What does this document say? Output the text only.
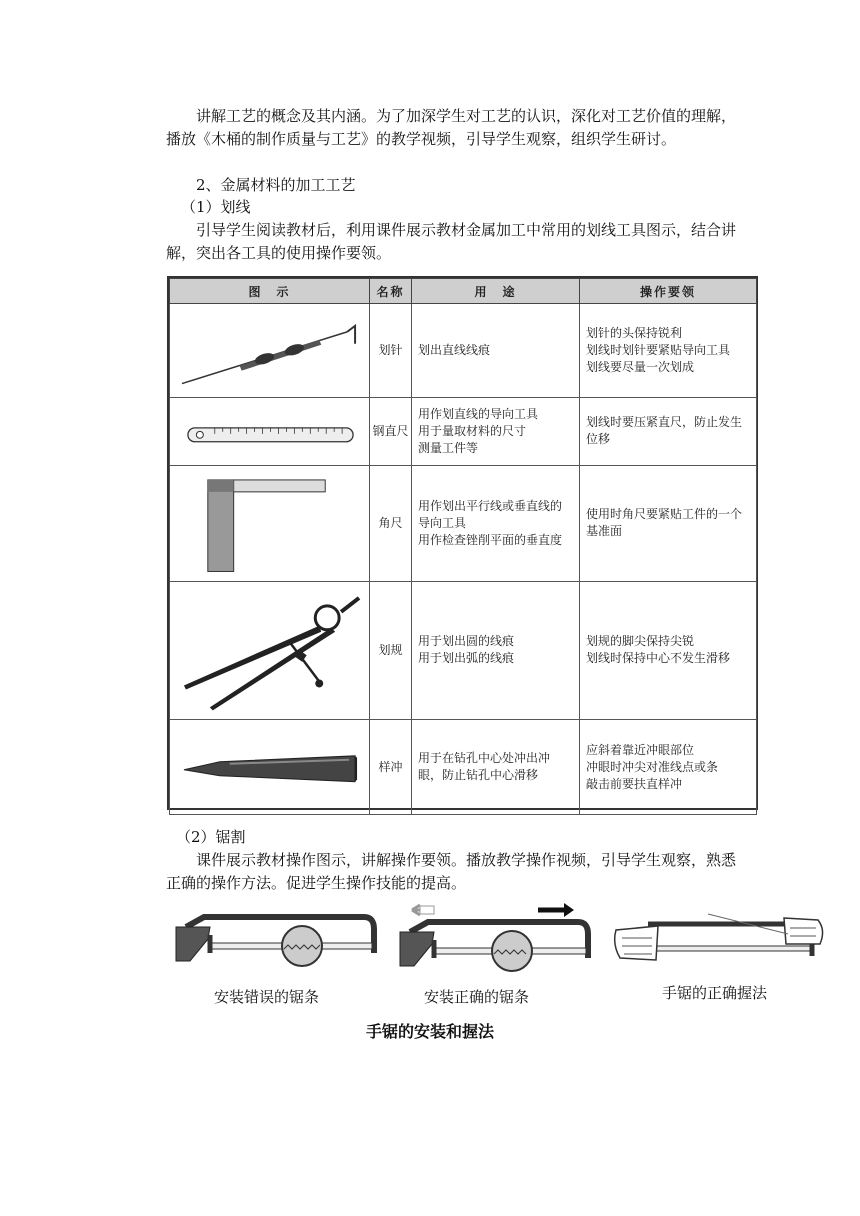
讲解工艺的概念及其内涵。为了加深学生对工艺的认识，深化对工艺价值的理解，播放《木桶的制作质量与工艺》的教学视频，引导学生观察，组织学生研讨。

2、金属材料的加工工艺

（1）划线

引导学生阅读教材后，利用课件展示教材金属加工中常用的划线工具图示，结合讲解，突出各工具的使用操作要领。

图　示	名称	用　途	操作要领

	划针	划出直线线痕	划针的头保持锐利
划线时划针要紧贴导向工具
划线要尽量一次划成

	钢直尺	用作划直线的导向工具
用于量取材料的尺寸
测量工件等	划线时要压紧直尺，防止发生位移

	角尺	用作划出平行线或垂直线的导向工具
用作检查锉削平面的垂直度	使用时角尺要紧贴工件的一个基准面

	划规	用于划出圆的线痕
用于划出弧的线痕	划规的脚尖保持尖锐
划线时保持中心不发生滑移

	样冲	用于在钻孔中心处冲出冲眼，防止钻孔中心滑移	应斜着靠近冲眼部位
冲眼时冲尖对准线点或条
敲击前要扶直样冲

（2）锯割

课件展示教材操作图示，讲解操作要领。播放教学操作视频，引导学生观察，熟悉正确的操作方法。促进学生操作技能的提高。

安装错误的锯条	安装正确的锯条	手锯的正确握法
手锯的安装和握法
